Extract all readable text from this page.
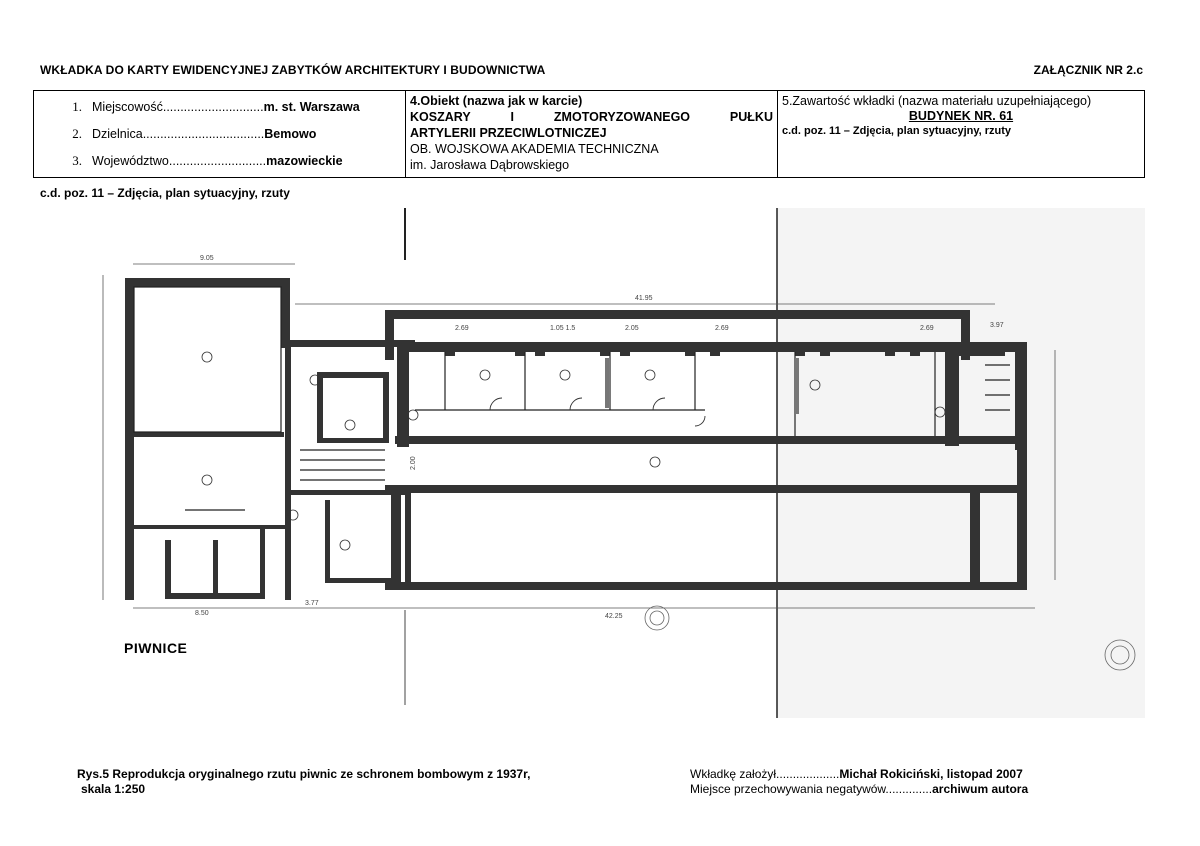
WKŁADKA DO KARTY EWIDENCYJNEJ ZABYTKÓW ARCHITEKTURY I BUDOWNICTWA	ZAŁĄCZNIK NR 2.c
1. Miejscowość............................. m. st. Warszawa
2. Dzielnica................................... Bemowo
3. Województwo............................ mazowieckie
4.Obiekt (nazwa jak w karcie)
KOSZARY	I	ZMOTORYZOWANEGO	PUŁKU
ARTYLERII PRZECIWLOTNICZEJ
OB. WOJSKOWA AKADEMIA TECHNICZNA
im. Jarosława Dąbrowskiego
5.Zawartość wkładki (nazwa materiału uzupełniającego)
BUDYNEK NR. 61
c.d. poz. 11 – Zdjęcia, plan sytuacyjny, rzuty
c.d. poz. 11 – Zdjęcia, plan sytuacyjny, rzuty
9.05
41.95
3.97
2.69	1.05 1.5	2.05	2.69	2.69
2.00
8.50
3.77
42.25
PIWNICE
Rys.5 Reprodukcja oryginalnego rzutu piwnic ze schronem bombowym z 1937r,
skala 1:250
Wkładkę założył...................Michał Rokiciński, listopad 2007
Miejsce przechowywania negatywów..............archiwum autora
